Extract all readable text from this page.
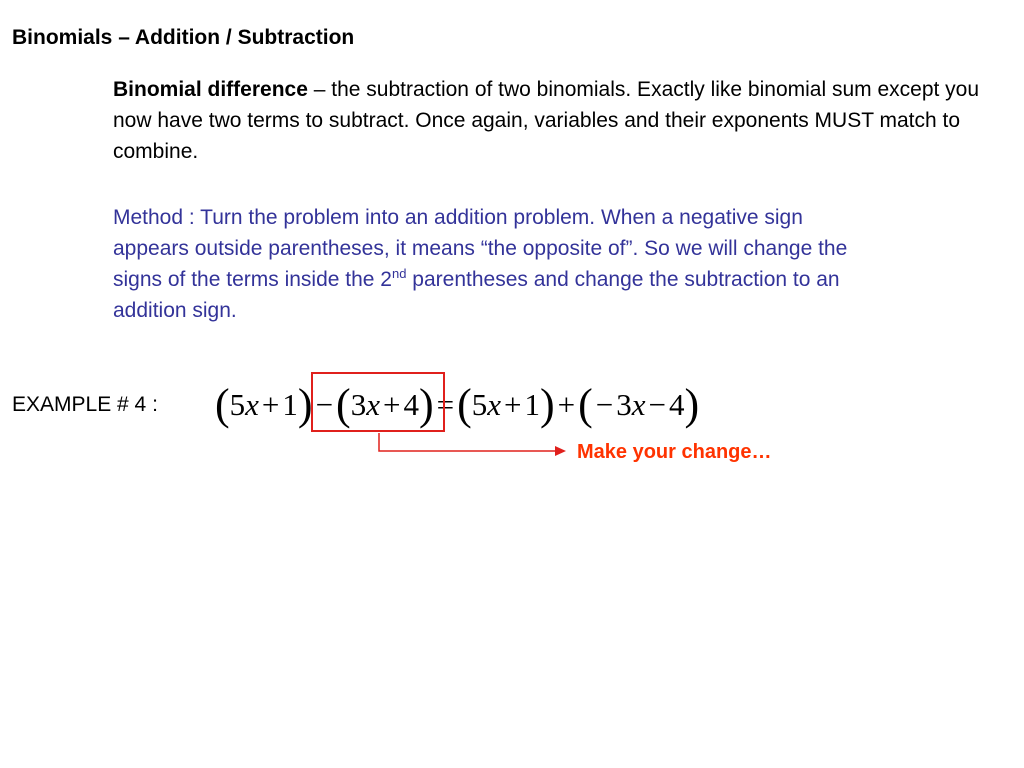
Binomials – Addition / Subtraction

Binomial difference – the subtraction of two binomials. Exactly like binomial sum except you now have two terms to subtract. Once again, variables and their exponents MUST match to combine.

Method : Turn the problem into an addition problem. When a negative sign appears outside parentheses, it means “the opposite of”. So we will change the signs of the terms inside the 2nd parentheses and change the subtraction to an addition sign.

EXAMPLE # 4 : ( 5 x + 1 ) − ( 3 x + 4 ) = ( 5 x + 1 ) + ( − 3 x − 4 )

Make your change…
